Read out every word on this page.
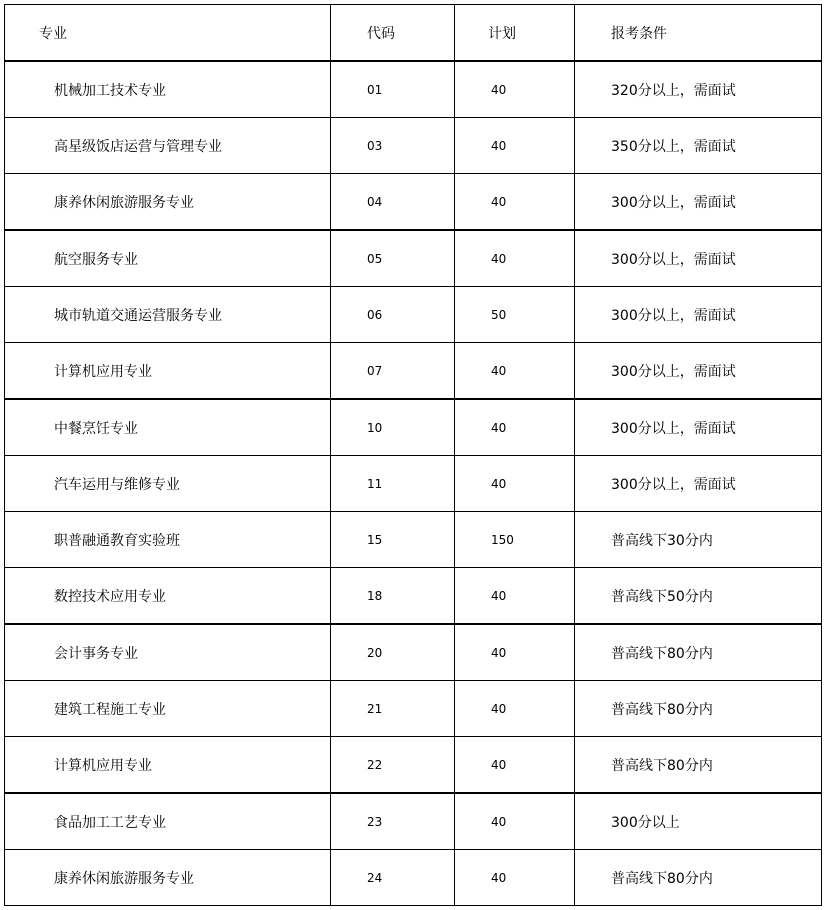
专业	代码	计划	报考条件
机械加工技术专业	01	40	320分以上，需面试
高星级饭店运营与管理专业	03	40	350分以上，需面试
康养休闲旅游服务专业	04	40	300分以上，需面试
航空服务专业	05	40	300分以上，需面试
城市轨道交通运营服务专业	06	50	300分以上，需面试
计算机应用专业	07	40	300分以上，需面试
中餐烹饪专业	10	40	300分以上，需面试
汽车运用与维修专业	11	40	300分以上，需面试
职普融通教育实验班	15	150	普高线下30分内
数控技术应用专业	18	40	普高线下50分内
会计事务专业	20	40	普高线下80分内
建筑工程施工专业	21	40	普高线下80分内
计算机应用专业	22	40	普高线下80分内
食品加工工艺专业	23	40	300分以上
康养休闲旅游服务专业	24	40	普高线下80分内
